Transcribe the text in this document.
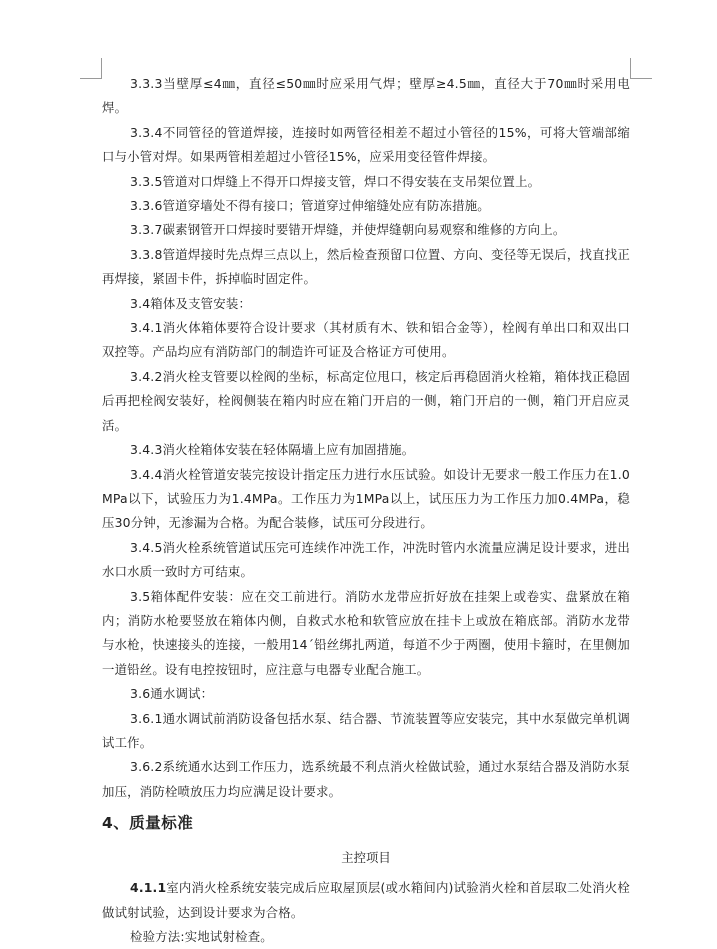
3.3.3当壁厚≤4㎜，直径≤50㎜时应采用气焊；壁厚≥4.5㎜，直径大于70㎜时采用电焊。

3.3.4不同管径的管道焊接，连接时如两管径相差不超过小管径的15%，可将大管端部缩口与小管对焊。如果两管相差超过小管径15%，应采用变径管件焊接。

3.3.5管道对口焊缝上不得开口焊接支管，焊口不得安装在支吊架位置上。

3.3.6管道穿墙处不得有接口；管道穿过伸缩缝处应有防冻措施。

3.3.7碳素钢管开口焊接时要错开焊缝，并使焊缝朝向易观察和维修的方向上。

3.3.8管道焊接时先点焊三点以上，然后检查预留口位置、方向、变径等无误后，找直找正再焊接，紧固卡件，拆掉临时固定件。

3.4箱体及支管安装：

3.4.1消火体箱体要符合设计要求（其材质有木、铁和铝合金等），栓阀有单出口和双出口双控等。产品均应有消防部门的制造许可证及合格证方可使用。

3.4.2消火栓支管要以栓阀的坐标，标高定位甩口，核定后再稳固消火栓箱，箱体找正稳固后再把栓阀安装好，栓阀侧装在箱内时应在箱门开启的一侧，箱门开启的一侧，箱门开启应灵活。

3.4.3消火栓箱体安装在轻体隔墙上应有加固措施。

3.4.4消火栓管道安装完按设计指定压力进行水压试验。如设计无要求一般工作压力在1.0MPa以下，试验压力为1.4MPa。工作压力为1MPa以上，试压压力为工作压力加0.4MPa，稳压30分钟，无渗漏为合格。为配合装修，试压可分段进行。

3.4.5消火栓系统管道试压完可连续作冲洗工作，冲洗时管内水流量应满足设计要求，进出水口水质一致时方可结束。

3.5箱体配件安装：应在交工前进行。消防水龙带应折好放在挂架上或卷实、盘紧放在箱内；消防水枪要竖放在箱体内侧，自救式水枪和软管应放在挂卡上或放在箱底部。消防水龙带与水枪，快速接头的连接，一般用14ˊ铅丝绑扎两道，每道不少于两圈，使用卡箍时，在里侧加一道铅丝。设有电控按钮时，应注意与电器专业配合施工。

3.6通水调试：

3.6.1通水调试前消防设备包括水泵、结合器、节流装置等应安装完，其中水泵做完单机调试工作。

3.6.2系统通水达到工作压力，选系统最不利点消火栓做试验，通过水泵结合器及消防水泵加压，消防栓喷放压力均应满足设计要求。

4、质量标准
主控项目

4.1.1室内消火栓系统安装完成后应取屋顶层(或水箱间内)试验消火栓和首层取二处消火栓做试射试验，达到设计要求为合格。

检验方法:实地试射检查。
